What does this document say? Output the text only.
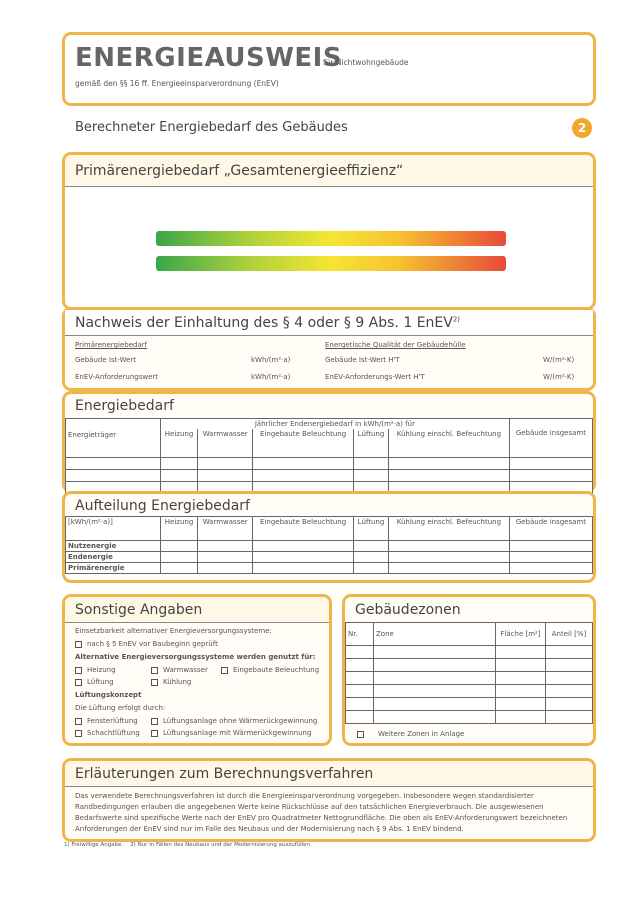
ENERGIEAUSWEIS
für Nichtwohngebäude
gemäß den §§ 16 ff. Energieeinsparverordnung (EnEV)
Berechneter Energiebedarf des Gebäudes	2
Primärenergiebedarf „Gesamtenergieeffizienz“
Nachweis der Einhaltung des § 4 oder § 9 Abs. 1 EnEV$^{2)}$
Primärenergiebedarf	Energetische Qualität der Gebäudehülle
Gebäude Ist-Wert	kWh/(m²·a)	Gebäude Ist-Wert H'T	W/(m²·K)
EnEV-Anforderungswert	kWh/(m²·a)	EnEV-Anforderungs-Wert H'T	W/(m²·K)
Energiebedarf
Energieträger	Jährlicher Endenergiebedarf in kWh/(m²·a) für					Gebäude insgesamt
	Heizung	Warmwasser	Eingebaute Beleuchtung	Lüftung	Kühlung einschl. Befeuchtung	

Aufteilung Energiebedarf
[kWh/(m²·a)]	Heizung	Warmwasser	Eingebaute Beleuchtung	Lüftung	Kühlung einschl. Befeuchtung	Gebäude insgesamt
Nutzenergie						
Endenergie						
Primärenergie						
Sonstige Angaben
Einsetzbarkeit alternativer Energieversorgungssysteme:
nach § 5 EnEV vor Baubeginn geprüft
Alternative Energieversorgungssysteme werden genutzt für:
Heizung	Warmwasser	Eingebaute Beleuchtung
Lüftung	Kühlung
Lüftungskonzept
Die Lüftung erfolgt durch:
Fensterlüftung	Lüftungsanlage ohne Wärmerückgewinnung
Schachtlüftung	Lüftungsanlage mit Wärmerückgewinnung
Gebäudezonen
Nr.	Zone	Fläche [m²]	Anteil [%]

Weitere Zonen in Anlage
Erläuterungen zum Berechnungsverfahren

Das verwendete Berechnungsverfahren ist durch die Energieeinsparverordnung vorgegeben. Insbesondere wegen standardisierter Randbedingungen erlauben die angegebenen Werte keine Rückschlüsse auf den tatsächlichen Energieverbrauch. Die ausgewiesenen Bedarfswerte sind spezifische Werte nach der EnEV pro Quadratmeter Nettogrundfläche. Die oben als EnEV-Anforderungswert bezeichneten Anforderungen der EnEV sind nur im Falle des Neubaus und der Modernisierung nach § 9 Abs. 1 EnEV bindend.

1) Freiwillige Angabe. 2) Nur in Fällen des Neubaus und der Modernisierung auszufüllen.
